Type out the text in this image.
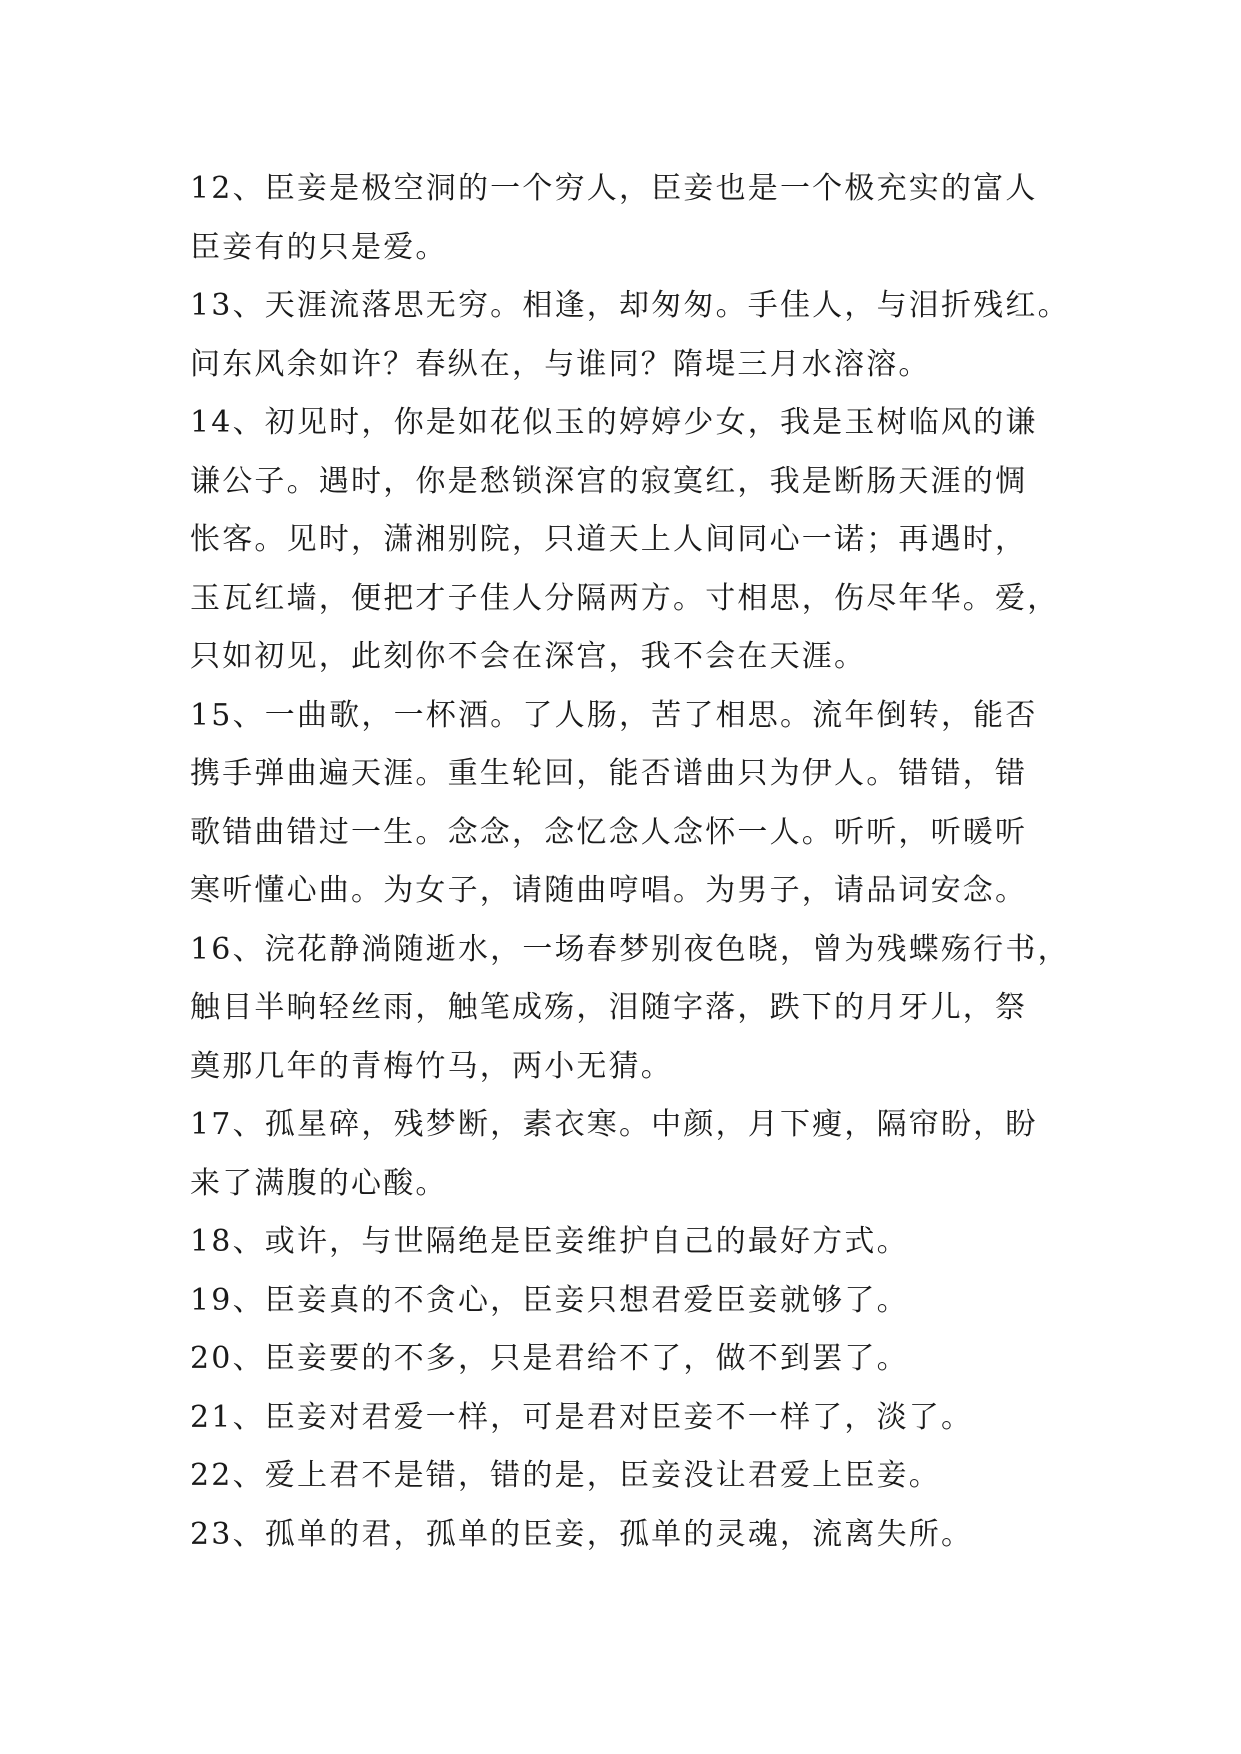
12、臣妾是极空洞的一个穷人，臣妾也是一个极充实的富人
臣妾有的只是爱。
13、天涯流落思无穷。相逢，却匆匆。手佳人，与泪折残红。
问东风余如许？春纵在，与谁同？隋堤三月水溶溶。
14、初见时，你是如花似玉的婷婷少女，我是玉树临风的谦
谦公子。遇时，你是愁锁深宫的寂寞红，我是断肠天涯的惆
怅客。见时，潇湘别院，只道天上人间同心一诺；再遇时，
玉瓦红墙，便把才子佳人分隔两方。寸相思，伤尽年华。爱，
只如初见，此刻你不会在深宫，我不会在天涯。
15、一曲歌，一杯酒。了人肠，苦了相思。流年倒转，能否
携手弹曲遍天涯。重生轮回，能否谱曲只为伊人。错错，错
歌错曲错过一生。念念，念忆念人念怀一人。听听，听暖听
寒听懂心曲。为女子，请随曲哼唱。为男子，请品词安念。
16、浣花静淌随逝水，一场春梦别夜色晓，曾为残蝶殇行书，
触目半晌轻丝雨，触笔成殇，泪随字落，跌下的月牙儿，祭
奠那几年的青梅竹马，两小无猜。
17、孤星碎，残梦断，素衣寒。中颜，月下瘦，隔帘盼，盼
来了满腹的心酸。
18、或许，与世隔绝是臣妾维护自己的最好方式。
19、臣妾真的不贪心，臣妾只想君爱臣妾就够了。
20、臣妾要的不多，只是君给不了，做不到罢了。
21、臣妾对君爱一样，可是君对臣妾不一样了，淡了。
22、爱上君不是错，错的是，臣妾没让君爱上臣妾。
23、孤单的君，孤单的臣妾，孤单的灵魂，流离失所。
